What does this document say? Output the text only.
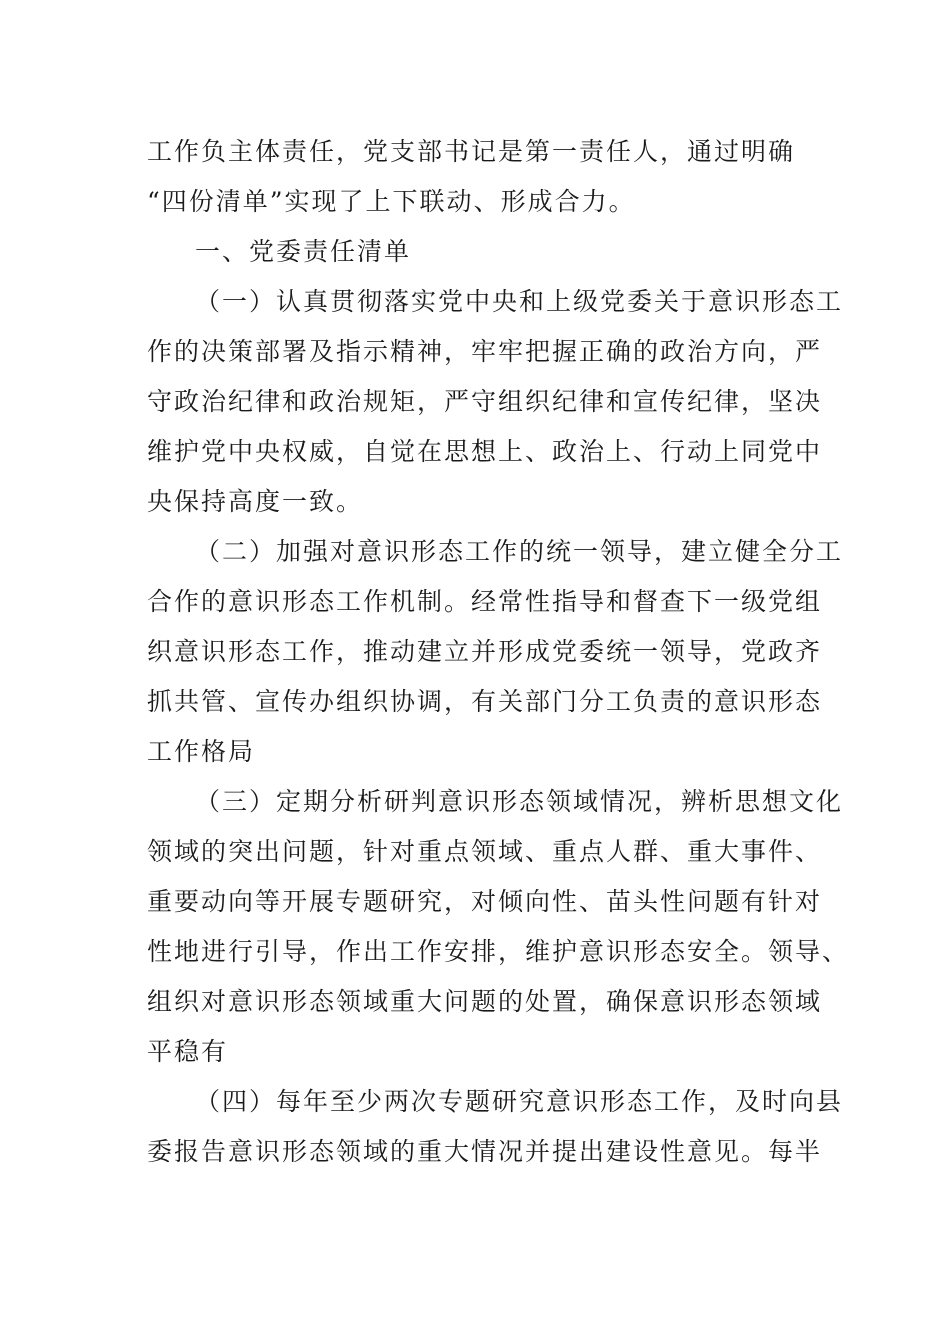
工作负主体责任，党支部书记是第一责任人，通过明确
“四份清单”实现了上下联动、形成合力。
一、党委责任清单
（一）认真贯彻落实党中央和上级党委关于意识形态工
作的决策部署及指示精神，牢牢把握正确的政治方向，严
守政治纪律和政治规矩，严守组织纪律和宣传纪律，坚决
维护党中央权威，自觉在思想上、政治上、行动上同党中
央保持高度一致。
（二）加强对意识形态工作的统一领导，建立健全分工
合作的意识形态工作机制。经常性指导和督查下一级党组
织意识形态工作，推动建立并形成党委统一领导，党政齐
抓共管、宣传办组织协调，有关部门分工负责的意识形态
工作格局
（三）定期分析研判意识形态领域情况，辨析思想文化
领域的突出问题，针对重点领域、重点人群、重大事件、
重要动向等开展专题研究，对倾向性、苗头性问题有针对
性地进行引导，作出工作安排，维护意识形态安全。领导、
组织对意识形态领域重大问题的处置，确保意识形态领域
平稳有
（四）每年至少两次专题研究意识形态工作，及时向县
委报告意识形态领域的重大情况并提出建设性意见。每半
